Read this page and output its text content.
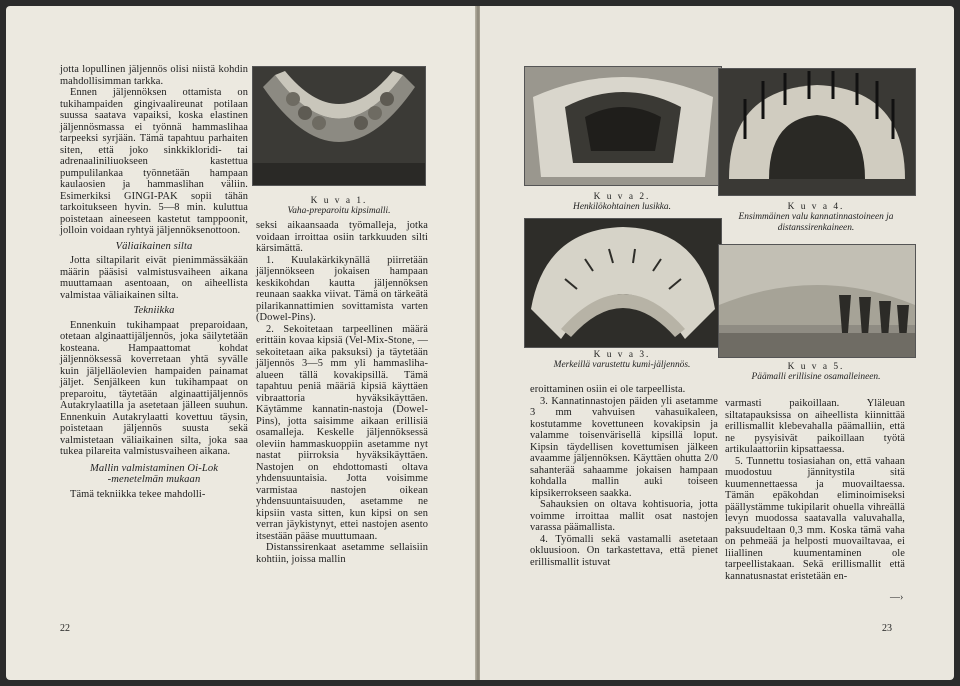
jotta lopullinen jäljennös olisi niistä kohdin mahdollisimman tarkka.

Ennen jäljennöksen ottamista on tukihampaiden gingivaalireunat potilaan suussa saatava vapaiksi, koska elastinen jäljennösmassa ei työnnä hammaslihaa tarpeeksi syrjään. Tämä tapahtuu parhaiten siten, että joko sinkkikloridi- tai adrenaaliniliuokseen kastettua pumpulilankaa työnnetään hampaan kaulaosien ja hammaslihan väliin. Esimerkiksi GINGI-PAK sopii tähän tarkoitukseen hyvin. 5—8 min. kuluttua poistetaan aineeseen kastetut tamppoonit, jolloin voidaan ryhtyä jäljennöksenottoon.

Väliaikainen silta

Jotta siltapilarit eivät pienimmässäkään määrin pääsisi valmistusvaiheen aikana muuttamaan asentoaan, on aiheellista valmistaa väliaikainen silta.

Tekniikka

Ennenkuin tukihampaat preparoidaan, otetaan alginaattijäljennös, joka säilytetään kosteana. Hampaattomat kohdat jäljennöksessä koverretaan yhtä syvälle kuin jäljelläolevien hampaiden painamat jäljet. Senjälkeen kun tukihampaat on preparoitu, täytetään alginaattijäljennös Autakrylaatilla ja asetetaan jälleen suuhun. Ennenkuin Autakrylaatti kovettuu täysin, poistetaan jäljennös suusta sekä valmistetaan väliaikainen silta, joka saa tukea pilareita valmistusvaiheen aikana.

Mallin valmistaminen Oi-Lok
-menetelmän mukaan

Tämä tekniikka tekee mahdolli-

K u v a 1.
Vaha-preparoitu kipsimalli.

seksi aikaansaada työmalleja, jotka voidaan irroittaa osiin tarkkuuden silti kärsimättä.

1. Kuulakärkikynällä piirretään jäljennökseen jokaisen hampaan keskikohdan kautta jäljennöksen reunaan saakka viivat. Tämä on tärkeätä pilarikannattimien sovittamista varten (Dowel-Pins).

2. Sekoitetaan tarpeellinen määrä erittäin kovaa kipsiä (Vel-Mix-Stone, — sekoitetaan aika paksuksi) ja täytetään jäljennös 3—5 mm yli hammasliha-alueen tällä kovakipsillä. Tämä tapahtuu peniä määriä kipsiä käyttäen vibraattoria hyväksikäyttäen. Käytämme kannatin-nastoja (Dowel-Pins), jotta saisimme aikaan erillisiä osamalleja. Keskelle jäljennöksessä oleviin hammaskuoppiin asetamme nyt nastat piirroksia hyväksikäyttäen. Nastojen on ehdottomasti oltava yhdensuuntaisia. Jotta voisimme varmistaa nastojen oikean yhdensuuntaisuuden, asetamme ne kipsiin vasta sitten, kun kipsi on sen verran jäykistynyt, ettei nastojen asento itsestään pääse muuttumaan.

Distanssirenkaat asetamme sellaisiin kohtiin, joissa mallin

22
K u v a 2.
Henkilökohtainen lusikka.
K u v a 3.
Merkeillä varustettu kumi-jäljennös.
K u v a 4.
Ensimmäinen valu kannatinnastoineen ja distanssirenkaineen.
K u v a 5.
Päämalli erillisine osamalleineen.

eroittaminen osiin ei ole tarpeellista.

3. Kannatinnastojen päiden yli asetamme 3 mm vahvuisen vahasuikaleen, kostutamme kovettuneen kovakipsin ja valamme toisenvärisellä kipsillä loput. Kipsin täydellisen kovettumisen jälkeen avaamme jäljennöksen. Käyttäen ohutta 2/0 sahanterää sahaamme jokaisen hampaan kohdalla mallin auki toiseen kipsikerrokseen saakka.

Sahauksien on oltava kohtisuoria, jotta voimme irroittaa mallit osat nastojen varassa päämallista.

4. Työmalli sekä vastamalli asetetaan okluusioon. On tarkastettava, että pienet erillismallit istuvat

varmasti paikoillaan. Yläleuan siltatapauksissa on aiheellista kiinnittää erillismallit klebevahalla päämalliin, että ne pysyisivät paikoillaan työtä artikulaattoriin kipsattaessa.

5. Tunnettu tosiasiahan on, että vahaan muodostuu jännitystila sitä kuumennettaessa ja muovailtaessa. Tämän epäkohdan eliminoimiseksi päällystämme tukipilarit ohuella vihreällä levyn muodossa saatavalla valuvahalla, paksuudeltaan 0,3 mm. Koska tämä vaha on pehmeää ja helposti muovailtavaa, ei liiallinen kuumentaminen ole tarpeellistakaan. Sekä erillismallit että kannatusnastat eristetään en-

—›
23
